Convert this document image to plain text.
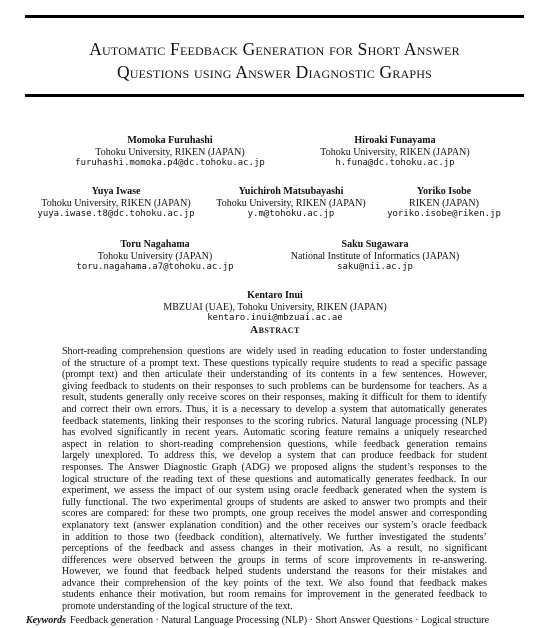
Automatic Feedback Generation for Short Answer
Questions using Answer Diagnostic Graphs
Momoka Furuhashi
Tohoku University, RIKEN (JAPAN)
furuhashi.momoka.p4@dc.tohoku.ac.jp
Hiroaki Funayama
Tohoku University, RIKEN (JAPAN)
h.funa@dc.tohoku.ac.jp
Yuya Iwase
Tohoku University, RIKEN (JAPAN)
yuya.iwase.t8@dc.tohoku.ac.jp
Yuichiroh Matsubayashi
Tohoku University, RIKEN (JAPAN)
y.m@tohoku.ac.jp
Yoriko Isobe
RIKEN (JAPAN)
yoriko.isobe@riken.jp
Toru Nagahama
Tohoku University (JAPAN)
toru.nagahama.a7@tohoku.ac.jp
Saku Sugawara
National Institute of Informatics (JAPAN)
saku@nii.ac.jp
Kentaro Inui
MBZUAI (UAE), Tohoku University, RIKEN (JAPAN)
kentaro.inui@mbzuai.ac.ae
Abstract
Short-reading comprehension questions are widely used in reading education to foster understanding
of the structure of a prompt text. These questions typically require students to read a specific passage
(prompt text) and then articulate their understanding of its contents in a few sentences. However,
giving feedback to students on their responses to such problems can be burdensome for teachers. As a
result, students generally only receive scores on their responses, making it difficult for them to identify
and correct their own errors. Thus, it is a necessary to develop a system that automatically generates
feedback statements, linking their responses to the scoring rubrics. Natural language processing (NLP)
has evolved significantly in recent years. Automatic scoring feature remains a uniquely researched
aspect in relation to short-reading comprehension questions, while feedback generation remains
largely unexplored. To address this, we develop a system that can produce feedback for student
responses. The Answer Diagnostic Graph (ADG) we proposed aligns the student’s responses to the
logical structure of the reading text of these questions and automatically generates feedback. In our
experiment, we assess the impact of our system using oracle feedback generated when the system is
fully functional. The two experimental groups of students are asked to answer two prompts and their
scores are compared: for these two prompts, one group receives the model answer and corresponding
explanatory text (answer explanation condition) and the other receives our system’s oracle feedback
in addition to those two (feedback condition), alternatively. We further investigated the students’
perceptions of the feedback and assess changes in their motivation. As a result, no significant
differences were observed between the groups in terms of score improvements in re-answering.
However, we found that feedback helped students understand the reasons for their mistakes and
advance their comprehension of the key points of the text. We also found that feedback makes
students enhance their motivation, but room remains for improvement in the generated feedback to
promote understanding of the logical structure of the text.
Keywords Feedback generation · Natural Language Processing (NLP) · Short Answer Questions · Logical structure
